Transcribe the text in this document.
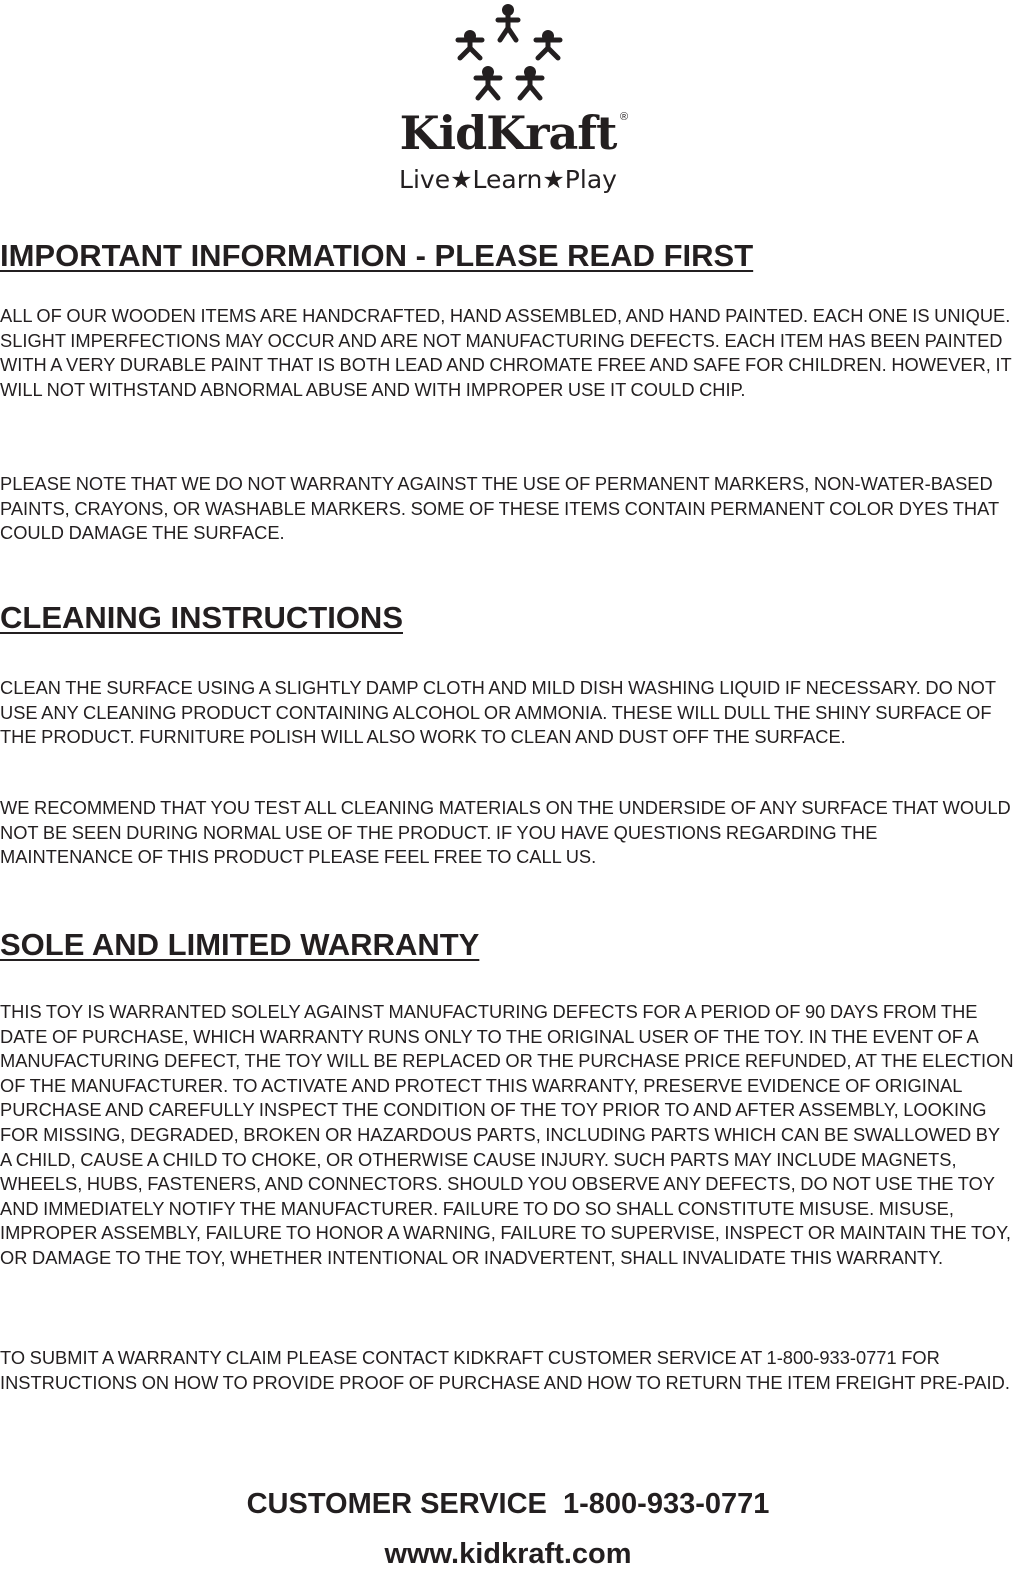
KidKraft ®
Live★Learn★Play
IMPORTANT INFORMATION - PLEASE READ FIRST

ALL OF OUR WOODEN ITEMS ARE HANDCRAFTED, HAND ASSEMBLED, AND HAND PAINTED. EACH ONE IS UNIQUE. SLIGHT IMPERFECTIONS MAY OCCUR AND ARE NOT MANUFACTURING DEFECTS. EACH ITEM HAS BEEN PAINTED WITH A VERY DURABLE PAINT THAT IS BOTH LEAD AND CHROMATE FREE AND SAFE FOR CHILDREN. HOWEVER, IT WILL NOT WITHSTAND ABNORMAL ABUSE AND WITH IMPROPER USE IT COULD CHIP.

PLEASE NOTE THAT WE DO NOT WARRANTY AGAINST THE USE OF PERMANENT MARKERS, NON-WATER-BASED PAINTS, CRAYONS, OR WASHABLE MARKERS. SOME OF THESE ITEMS CONTAIN PERMANENT COLOR DYES THAT COULD DAMAGE THE SURFACE.

CLEANING INSTRUCTIONS

CLEAN THE SURFACE USING A SLIGHTLY DAMP CLOTH AND MILD DISH WASHING LIQUID IF NECESSARY. DO NOT USE ANY CLEANING PRODUCT CONTAINING ALCOHOL OR AMMONIA. THESE WILL DULL THE SHINY SURFACE OF THE PRODUCT. FURNITURE POLISH WILL ALSO WORK TO CLEAN AND DUST OFF THE SURFACE.

WE RECOMMEND THAT YOU TEST ALL CLEANING MATERIALS ON THE UNDERSIDE OF ANY SURFACE THAT WOULD NOT BE SEEN DURING NORMAL USE OF THE PRODUCT. IF YOU HAVE QUESTIONS REGARDING THE MAINTENANCE OF THIS PRODUCT PLEASE FEEL FREE TO CALL US.

SOLE AND LIMITED WARRANTY

THIS TOY IS WARRANTED SOLELY AGAINST MANUFACTURING DEFECTS FOR A PERIOD OF 90 DAYS FROM THE DATE OF PURCHASE, WHICH WARRANTY RUNS ONLY TO THE ORIGINAL USER OF THE TOY. IN THE EVENT OF A MANUFACTURING DEFECT, THE TOY WILL BE REPLACED OR THE PURCHASE PRICE REFUNDED, AT THE ELECTION OF THE MANUFACTURER. TO ACTIVATE AND PROTECT THIS WARRANTY, PRESERVE EVIDENCE OF ORIGINAL PURCHASE AND CAREFULLY INSPECT THE CONDITION OF THE TOY PRIOR TO AND AFTER ASSEMBLY, LOOKING FOR MISSING, DEGRADED, BROKEN OR HAZARDOUS PARTS, INCLUDING PARTS WHICH CAN BE SWALLOWED BY A CHILD, CAUSE A CHILD TO CHOKE, OR OTHERWISE CAUSE INJURY. SUCH PARTS MAY INCLUDE MAGNETS, WHEELS, HUBS, FASTENERS, AND CONNECTORS. SHOULD YOU OBSERVE ANY DEFECTS, DO NOT USE THE TOY AND IMMEDIATELY NOTIFY THE MANUFACTURER. FAILURE TO DO SO SHALL CONSTITUTE MISUSE. MISUSE, IMPROPER ASSEMBLY, FAILURE TO HONOR A WARNING, FAILURE TO SUPERVISE, INSPECT OR MAINTAIN THE TOY, OR DAMAGE TO THE TOY, WHETHER INTENTIONAL OR INADVERTENT, SHALL INVALIDATE THIS WARRANTY.

TO SUBMIT A WARRANTY CLAIM PLEASE CONTACT KIDKRAFT CUSTOMER SERVICE AT 1-800-933-0771 FOR INSTRUCTIONS ON HOW TO PROVIDE PROOF OF PURCHASE AND HOW TO RETURN THE ITEM FREIGHT PRE-PAID.

CUSTOMER SERVICE  1-800-933-0771

www.kidkraft.com
